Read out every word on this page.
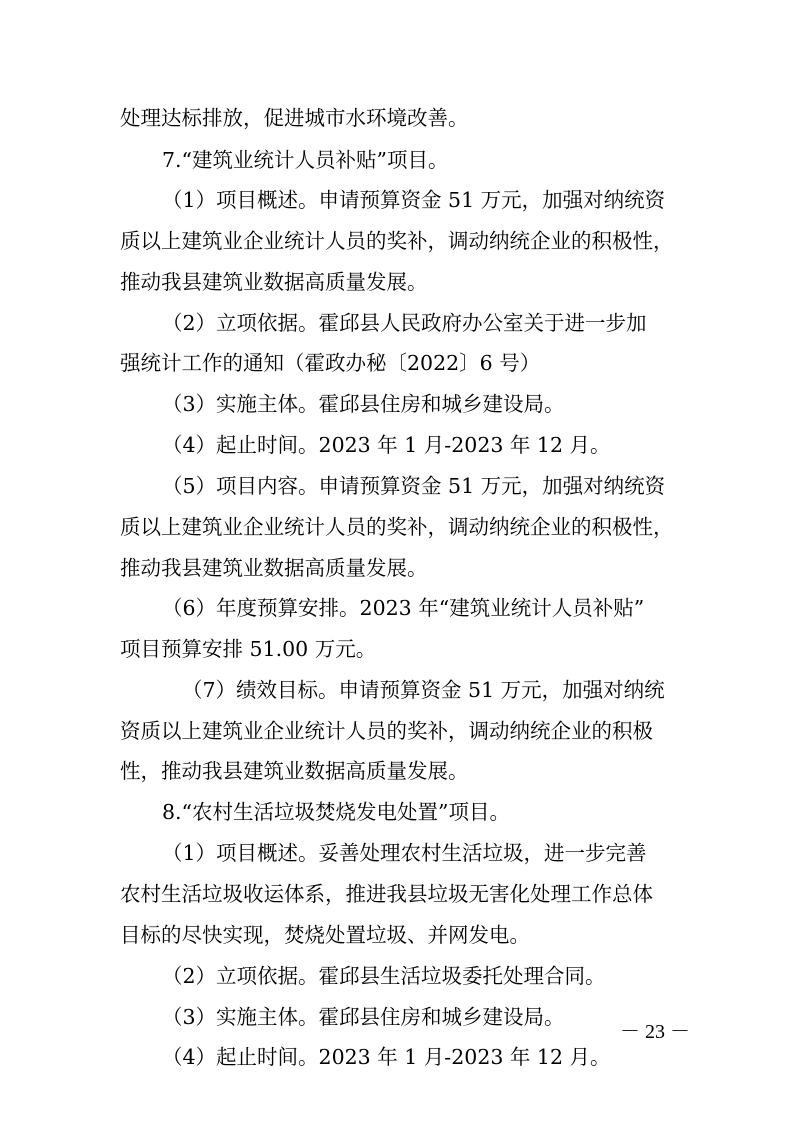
处理达标排放，促进城市水环境改善。
7.“建筑业统计人员补贴”项目。
（1）项目概述。申请预算资金 51 万元，加强对纳统资
质以上建筑业企业统计人员的奖补，调动纳统企业的积极性，
推动我县建筑业数据高质量发展。
（2）立项依据。霍邱县人民政府办公室关于进一步加
强统计工作的通知（霍政办秘〔2022〕6 号）
（3）实施主体。霍邱县住房和城乡建设局。
（4）起止时间。2023 年 1 月-2023 年 12 月。
（5）项目内容。申请预算资金 51 万元，加强对纳统资
质以上建筑业企业统计人员的奖补，调动纳统企业的积极性，
推动我县建筑业数据高质量发展。
（6）年度预算安排。2023 年“建筑业统计人员补贴”
项目预算安排 51.00 万元。
（7）绩效目标。申请预算资金 51 万元，加强对纳统
资质以上建筑业企业统计人员的奖补，调动纳统企业的积极
性，推动我县建筑业数据高质量发展。
8.“农村生活垃圾焚烧发电处置”项目。
（1）项目概述。妥善处理农村生活垃圾，进一步完善
农村生活垃圾收运体系，推进我县垃圾无害化处理工作总体
目标的尽快实现，焚烧处置垃圾、并网发电。
（2）立项依据。霍邱县生活垃圾委托处理合同。
（3）实施主体。霍邱县住房和城乡建设局。
（4）起止时间。2023 年 1 月-2023 年 12 月。
－ 23 －
